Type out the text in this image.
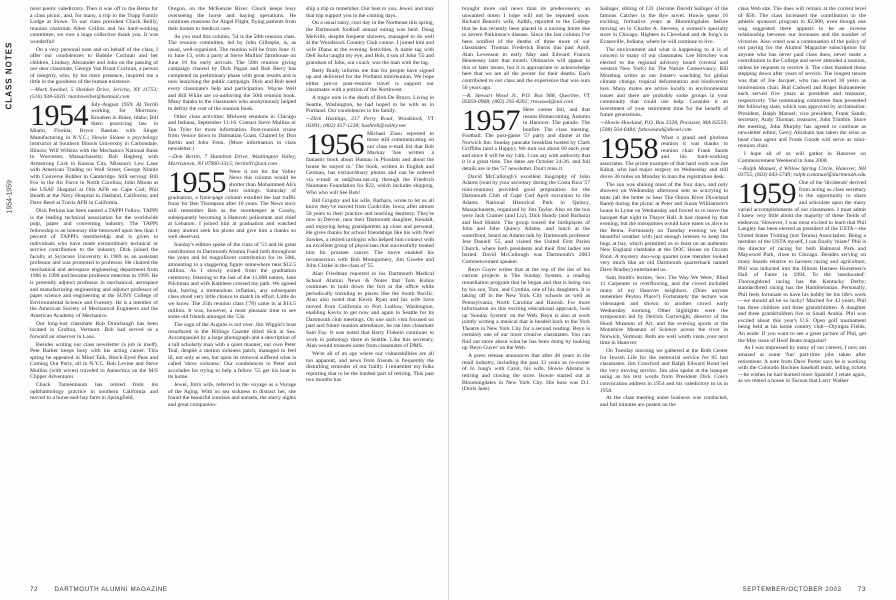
CLASS NOTES
1954-1959

most poetic valedictory. Then it was off to the Bema for a class picnic, and, for many, a trip to the Trapp Family Lodge at Stowe. To our class president Chuck Reilly, reunion chairman Allen Collins and his hard-working committee, we owe a huge collective thank you. It was wonderful!

On a very personal note and on behalf of the class, I offer our condolences to Bobbie Cochran and her children, Lindsay, Alexander and John on the passing of our dear classmate, George Van Brunt Cochran, a person of integrity, who, by his mere presence, inspired me a little in the goodness of the human existence.

—Mark Sweibel, 5 Sheldon Drive, Jericho, NY 11753; (516) 938-5616; marksweibel@hotmail.com

1954 July-August 1959: Al Terrill working for Morrison-Knudsen in Boise, Idaho; Bill Stern practicing law in Miami, Florida; Bryce Bastian with Singer Manufacturing in N.Y.C.; Howie Sloane a psychology instructor at Southern Illinois University in Carbondale, Illinois; Will Wilkins with the Mechanics National Bank in Worcester, Massachusetts; Bob Hagberg with Armstrong Cork in Kansas City, Missouri; Lew Lane with American Trading on Wall Street; George Ninnie with Converse Rubber in Cambridge. Still serving: Bill Fox in the Air Force in North Carolina; John Moran at the USAF Hospital at Otis AFB on Cape Cod; Phil Bearth at the Navy Hospital in Oakland, California; and Dave Reed at Travis AFB in California.

Dick Perkins has been named a TAPPI Fellow. TAPPI is the leading technical association for the worldwide pulp, paper and converting industry. The TAPPI fellowship is an honorary title bestowed upon less than 1 percent of TAPPI's membership and is given to individuals who have made extraordinary technical or service contribution to the industry. Dick joined the faculty at Syracuse University in 1969 as an assistant professor and was promoted to professor. He chaired the mechanical and aerospace engineering department from 1986 to 1990 and became professor emeritus in 1999. He is presently adjunct professor in mechanical, aerospace and manufacturing engineering and adjunct professor of paper science and engineering at the SUNY College of Environmental Science and Forestry. He is a member of the American Society of Mechanical Engineers and the American Academy of Mechanics.

Our long-lost classmate Bob Drawbaugh has been located in Grafton, Vermont. Bob had served as a forward air observer in Laos.

Besides writing our class newsletter (a job in itself), Pete Barker keeps busy with his acting career. This spring he appeared in Mind Talk, Block-Eyed Peas and Coming Out Party, all in N.Y.C. Bob Levine and Steve Mullins (with wives) traveled to Antarctica on the M/S Clipper Adventurer.

Chuck Tannenbaum has retired from his ophthalmology practice in southern California and moved to a horse-and-hay farm in Springfield,

Oregon, on the McKenzie River. Chuck keeps busy overseeing the horse and haying operations. He continues missions for Angel Flight, flying patients from their homes to medical care.

As you read this column, '54 is the 50th reunion class. The reunion committee, led by John Gillespie, is, as usual, well-organized. The reunion will be from June 11 to June 13, with a party at Steve Mullins' farmhouse on June 10 for early arrivals. The 50th reunion giving campaign chaired by Dick Pagan and Bob Berry has completed its preliminary phase with great results and is now launching the public campaign. Dick and Bob need every classmate's help and participation. Wayne Weil and Bill White are co-authoring the 50th reunion book. Many thanks to the classmates who anonymously helped to defray the cost of the reunion book.

Other class activities: Midwest reunions in Chicago and Indiana, September 11-16. Contact Steve Mullins or Ten Tyler for more information. Post-reunion cruise from Venice down to Dalmatian Coast. Chaired by Don Bertin and John Fenn. (More information in class newsletter.)

—Don Bertin, 7 Hamilton Drive, Washington Valley, Morristown, NJ 07960-3315; bertin91@aol.com

1955 Were it not for the Valley News this column would be shorter than Mohammed Ali's best outings. Saturday of graduation, a front-page column extolled the last traffic foray for Ben Thompson after 10 years. The News story will remember Ben as the storekeeper at Crosby, subsequently becoming a Hanover policeman and chief at Lebanon. I joined him at graduation and watched many alumni seek his photo and give him a thanks so well deserved.

Sunday's edition spoke of the class of '53 and its great contribution to Dartmouth Alumni Fund both throughout the years and its magnificent contribution for its 50th, amounting to a staggering figure somewhere near $12.5 million. As I slowly exited from the graduation ceremony, listening to the last of the 11,000 names, Jane Pilchman and wife Kathleen crossed my path. We agreed that, barring a tremendous inflation, any subsequent class stood very little chance to match its effort. Little do we know. The 25th reunion class ('78) came in at $14.5 million. It was, however, a most pleasant time to see some old friends amongst the '53s.

The saga of the Auguns is not over. Jim Wiggin's boat resurfaced in the Billings Gazette titled Sick at Sea. Accompanied by a large photograph and a description of a tall scholarly man with a quiet manner, our own Peter Teal, despite a motion sickness patch, managed to feel ill, not only at sea, but upon its removal suffered what is called 'show sickness.' Our condolences to Peter and accolades for trying to help a fellow '55 get his boat to its home.

Jewel, Jim's wife, referred to the voyage as a Voyage of the Aging. With no sea sickness to distract her, she found the beautiful sunrises and sunsets, the starry nights and great companion-

ship a trip to remember. Our best to you, Jewel, and may that trip support you in the coming days.

On a usual rainy, cool day in the Northeast this spring, the Dartmouth football annual outing was held. Doug Melville, despite frequent showers, managed to do well at the Woodstock Country Club course. I joined him and wife Diana at the evening festivities. A name tag with Dell Isola caught my eye, and Bob, a son of John '55 and grandson of John, our coach, was the man with the tag.

Betty Brady informs me that for people have signed up and delivered for the Portland minireunion. We hope either pre-or post-reunion travel is support our classmates with a portion of the Northwest.

A tragic note is the death of Bob De Bruyn. Living in Seattle, Washington, he had hoped to be with us in Portland. Our condolences to his family.

—Dick Hastings, 217 Perry Road, Woodstock, VT 05091; (802) 457-1228; hashreh@valley.net

1956 Michael Zissu reported to those still communicating on our class e-mail list that Bob Mackay 'has written a fantastic book about Human in Plosdam and about the house he stayed in.' The book, written in English and German, has extraordinary photos and can be ordered via e-mail at tad@usa.net.org through the Friedrich Naumann Foundation for $22, which includes shipping. Who who will See Bob!

Bill Grigsby and his wife, Barbara, wrote to let us all know they've moved from Cookville, Iowa, after almost 50 years to their practice and teaching dentistry. They're now in Denver, near their Dartmouth daughter, Kendall, and enjoying being grandparents up close and personal. He gives thanks for school friendships like his with Noel Sawkes, a retired urologist who helped him connect with an excellent group of physicians that successfully treated him for prostate cancer. The move enabled his reconnection with Bob Montgomery, Jim Groebe and John Clarke in the class of '55.

Alan Friedman reported in his Dartmouth Medical School Alumni News & Notes that Tom Kuhns continues to hold down the fort at the office while periodically traveling to places like the South Pacific. Alan also noted that Kevin Ryan and his wife have moved from California to Port Ludlow, Washington, enabling Kevin to get now and again to Seattle for its Dartmouth club meetings. On one such visit focused on past and future reunion attendance, he ran into classmate Sam Fay. It was noted that Barry Finkelo continues to work in pathology there in Seattle. Like this secretary, Alan would treasure notes from classmates of DMS.

We're all of an age where our vulnerabilities are all too apparent, and news from friends is frequently the disturbing reminder of our frailty. I remember my folks reporting that to be the hardest part of retiring. This past two months has

brought more sad news than its predecessors; an unwanted omen I hope will not be repeated soon. Richard Benoit's wife, Judith, reported to the College that he has recently been placed in a nursing home due to severe Parkinson's disease. Since the last column I've been notified of the deaths of three more of our classmates: Thomas Frederick Burns this past April, Alan Levenson in early May and Edward Francis Hennessey later that month. Obituaries will appear in this or later issues, but it is appropriate to acknowledge here that we are all the poorer for their deaths. Each contributed to our class and the experience that was ours 50 years ago.

—R. Stewart Wood Jr., P.O. Box 968, Quechee, VT 05059-0968; (802) 295-8202; rtwwood@aol.com

1957 Here comes fall, and that means Homecoming, Autumn in Hanover. The parade. The bonfire. The class meeting. Football. The post-game '57 party and dinner at the Norwich Inn. Sunday pancake breakfast hosted by Clark Griffiths (and a Happy). We turn out about 60 each year and since it will be my 14th, I can say with authority that it is a great time. The dates are October 24-26, and full details are in the '57 newsletter. Don't miss it.

David McCullough's excellent biography of John Adams (read by your secretary during the Costa Rica '57 mini-reunion) provided good preparation for the Dartmouth Club of Cape Cod April excursion to the Adams National Historical Park in Quincy, Massachusetts, organized by Jim Taylor. Also on the bus were Jack Cramer (and Liz), Dick Handy (and Barbara) and Rod Hinkle. The group toured the birthplaces of John and John Quincy Adams, and lunch at the waterfront, heard an Adams talk by Dartmouth professor Jere Daniell '55, and visited the United First Parish Church, where both presidents and their first ladies are buried. David McCullough was Dartmouth's 2003 Commencement speaker.

Reyn Guyer writes that at the top of the list of his current projects is The Sunday System, a reading remediation program that he began and that is being run by his son, Tom, and Cynthia, one of his daughters. It is taking off in the New York City schools as well as Pennsylvania, North Carolina and Hawaii. For more information on this exciting educational approach, look up 'Sunday System' on the Web. Reyn is also at work jointly writing a musical that is headed back to the York Theatre in New York City for a second reading. Reyn is certainly one of our more creative classmates. You can find out more about what he has been doing by looking up 'Reyn Guyer' on the Web.

A press release announces that after 46 years in the retail industry, including the past 33 years as co-owner of Jo Jong's with Carol, his wife, Howie Abrams is retiring and closing the store. Howie started out at Bloomingdales in New York City. His boss was D.J. (Doris Jane)

Salinger, sibling of J.D. (Jerome David) Salinger of the famous Catcher in the Rye novel. Howie spent 16 exciting, formative years at Bloomingdales before moving on to Charles A. Stevens, a women's specialty store in Chicago, Higbees in Cleveland and de Jong's in Evansville, Indiana, where he will continue to live.

The environment and what is happening to it is of concern to many of our classmates. Lee Hirschey was elected to the regional advisory board (central and western New York) for The Nature Conservancy. Bill Morehug writes as our listserv watchdog for global climate change, tropical deforestation and biodiversity loss. Many mates are active locally in environmental issues and there are probably some groups in your community that could use help. Consider it an investment of your retirement time for the benefit of future generations.

—Howie Howland, P.O. Box 3328, Pocasset, MA 02559; (508) 564-6484; fsthowland@diesel.com

1958 What a grand and glorious reunion it was thanks to reunion chair Frank Sands and his hard-working associates. The prime example of that hard work was Joe Kabat, who had major surgery on Wednesday and still drove 30 miles on Monday to man the registration desk.

The sun was shining most of the four days, and only showers on Wednesday afternoon sent us scurrying to tents (all the better to hear The Onion River Dixieland Band) during the picnic at Peter and Susan Williamson's house in Lyme on Wednesday and forced us to move the banquet that night to Thayer Hall. It had cleared by that evening, but the mosquitoes would have eaten us alive in the Bema. Fortunately on Tuesday evening we had beautiful weather with just enough breezes to keep the bugs at bay, which permitted us to feast on an authentic New England clambake at the DOC House on Occom Pond. A mystery doo-wop quartet (one member looked very much like an old Dartmouth quarterback named Dave Bradley) entertained us.

Sam Smith's lecture, 'Sex: The Way We Were,' filled 11 Carpenter to overflowing, and the crowd included many of my Hanover neighbors. (Does anyone remember Peyton Place?) Fortunately the lecture was videotaped and shown to another crowd early Wednesday morning. Other highlights were the symposium led by Derrick Cartwright, director of the Hood Museum of Art, and the evening sports at the Montshire Museum of Science across the river in Norwich, Vermont. Both are well worth visits your next time in Hanover.

On Tuesday morning we gathered at the Roth Center for Jewish Life for the memorial service for 85 lost classmates. Jim Crawford and Ralph Edward Bond led the very moving service. Jim also spoke at the banquet using as his text words from President Dick Cole's convocation address in 1954 and his valedictory to us in 1958.

At the class meeting some business was conducted, and full minutes are posted on the

class Web site. The dues will remain at the current level of $50. The class increased the contribution to the athletic sponsors program to $2,000, even though one wag suggested there appears to be an inverse relationship between our increases and the number of victories. Also voted was a continuation of the policy of not paying for the Alumni Magazine subscription for anyone who has never paid class dues, never made a contribution to the College and never attended a reunion, unless he requests to receive it. The class thanked those stepping down after years of service. The longest tenure was that of Joe Jacquet, who has served 18 years as minireunion chair. Bud Cadwell and Roger Bohnemeier each served five years as president and treasurer, respectively. The nominating committee then presented the following slate, which was approved by acclamation: President, Ralph Manuel; vice president, Frank Sands; secretary, Andy Thomas; treasurer, John Trimble. Since the meeting, John Murphy has agreed to continue as newsletter editor, Gerry Abraham has taken the reins as head class agent and Frank Goode will serve as mini-reunion chair.

I hope all of us will gather in Hanover on Commencement Weekend in June 2008.

—Ralph Manuel, 4 Willow Spring Circle, Hanover, NH 03755; (603) 643-5749; ralph.n.manuel@dartmouth.edu

1959 One of the 'dividends' derived from acting as class secretary is the opportunity to share and articulate upon the many varied accomplishments of our classmates. I must admit I knew very little about the majority of these 'fields of endeavor.' However, I was most excited to learn that Phil Langley has been elected as president of the USTA—the United States Trotting (not Tennis) Association. Being a member of the USTA myself, I can finally 'relate!' Phil is the director of racing for both Balmoral Park and Maywood Park, close to Chicago. Besides serving on many boards relative to harness racing and agriculture, Phil was inducted into the Illinois Harness Horsemen's Hall of Fame in 1994. To the 'uneducated': Thoroughbred racing has the Kentucky Derby; standardbred racing has the Hambletonian. Personally, Phil feels fortunate to have his hobby be his life's work—we should all be so lucky! Married for 43 years, Phil has three children and three grandchildren. A daughter and three grandchildren live in Saudi Arabia. Phil was excited about this year's U.S. Open golf tournament being held at his home country club—Olympia Fields. An aside: If you want to see a great picture of Phil, get the May issue of Hoof Beats magazine!

As I was impressed by many of our careers, I now am amazed at some 'fun' part-time jobs taken after retirement. A note from Dave Porter says he is working with the Colorado Rockies baseball team, selling tickets—he wishes he had learned more Spanish! I relate again, as we rented a house in Tucson that Larry Walker

72	DARTMOUTH ALUMNI MAGAZINE	SEPTEMBER/OCTOBER 2003	73
